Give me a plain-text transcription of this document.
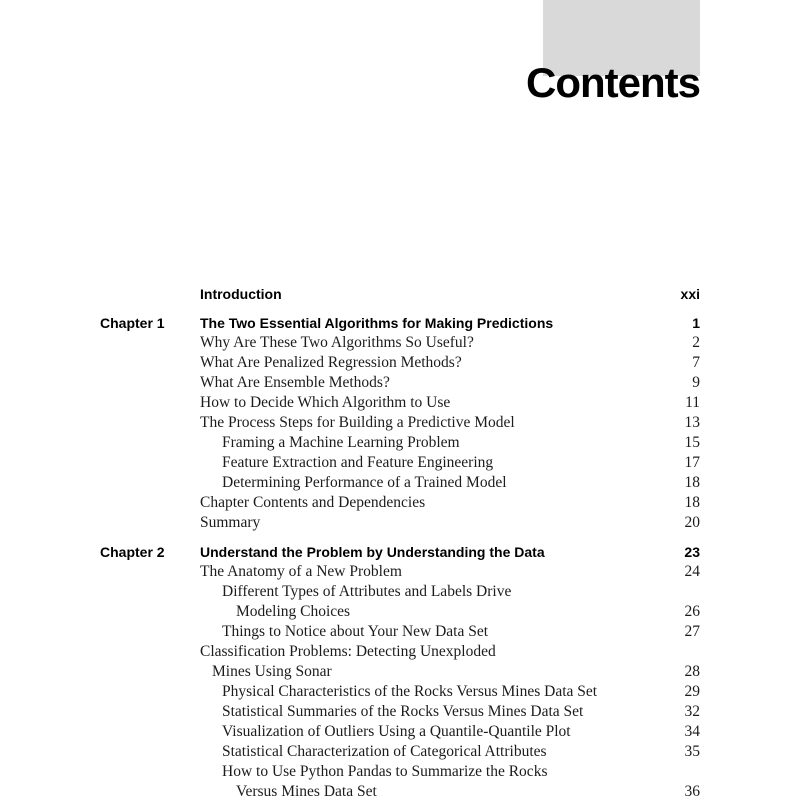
Contents
Introduction	xxi
Chapter 1	The Two Essential Algorithms for Making Predictions	1
Why Are These Two Algorithms So Useful?	2
What Are Penalized Regression Methods?	7
What Are Ensemble Methods?	9
How to Decide Which Algorithm to Use	11
The Process Steps for Building a Predictive Model	13
Framing a Machine Learning Problem	15
Feature Extraction and Feature Engineering	17
Determining Performance of a Trained Model	18
Chapter Contents and Dependencies	18
Summary	20
Chapter 2	Understand the Problem by Understanding the Data	23
The Anatomy of a New Problem	24
Different Types of Attributes and Labels Drive
Modeling Choices	26
Things to Notice about Your New Data Set	27
Classification Problems: Detecting Unexploded
Mines Using Sonar	28
Physical Characteristics of the Rocks Versus Mines Data Set	29
Statistical Summaries of the Rocks Versus Mines Data Set	32
Visualization of Outliers Using a Quantile-Quantile Plot	34
Statistical Characterization of Categorical Attributes	35
How to Use Python Pandas to Summarize the Rocks
Versus Mines Data Set	36
